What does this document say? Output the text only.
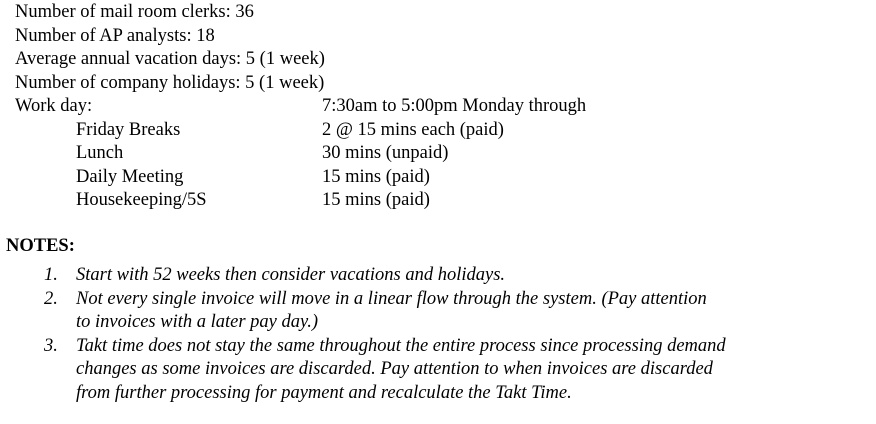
Number of mail room clerks: 36
Number of AP analysts: 18
Average annual vacation days: 5 (1 week)
Number of company holidays: 5 (1 week)
Work day:	7:30am to 5:00pm Monday through
Friday Breaks	2 @ 15 mins each (paid)
Lunch	30 mins (unpaid)
Daily Meeting	15 mins (paid)
Housekeeping/5S	15 mins (paid)
NOTES:
1. Start with 52 weeks then consider vacations and holidays.
2. Not every single invoice will move in a linear flow through the system. (Pay attention
to invoices with a later pay day.)
3. Takt time does not stay the same throughout the entire process since processing demand
changes as some invoices are discarded. Pay attention to when invoices are discarded
from further processing for payment and recalculate the Takt Time.
